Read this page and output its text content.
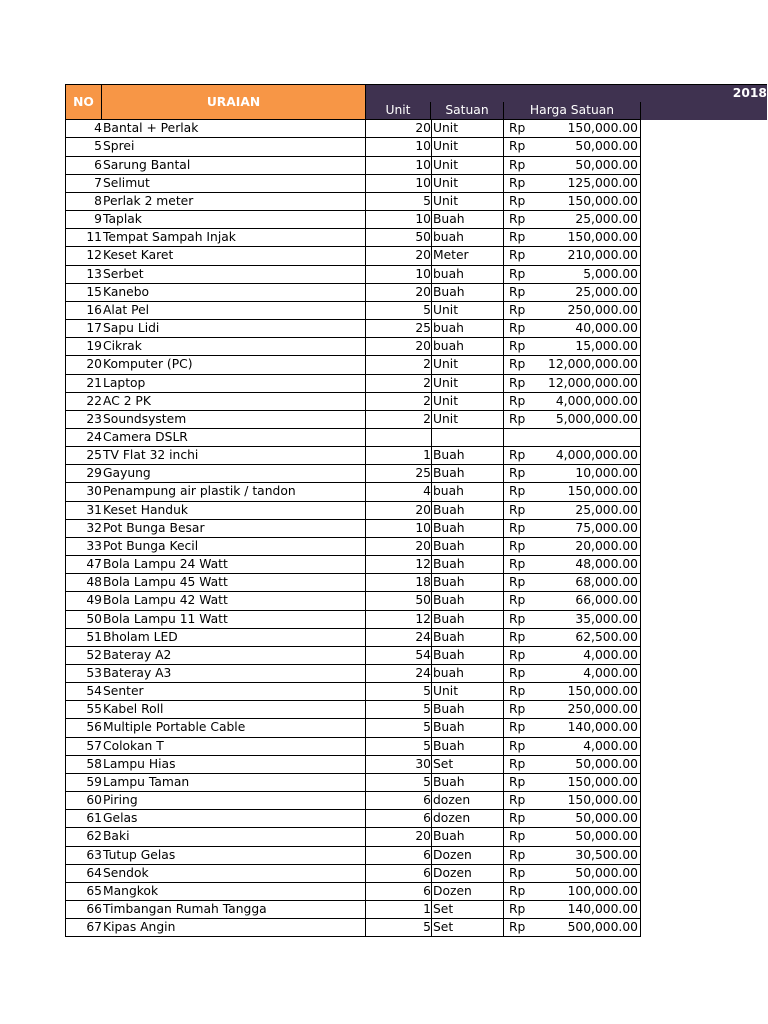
NO	URAIAN
2018
Unit	Satuan	Harga Satuan
4 Bantal + Perlak	20 Unit	Rp	150,000.00
5 Sprei	10 Unit	Rp	50,000.00
6 Sarung Bantal	10 Unit	Rp	50,000.00
7 Selimut	10 Unit	Rp	125,000.00
8 Perlak 2 meter	5 Unit	Rp	150,000.00
9 Taplak	10 Buah	Rp	25,000.00
11 Tempat Sampah Injak	50 buah	Rp	150,000.00
12 Keset Karet	20 Meter	Rp	210,000.00
13 Serbet	10 buah	Rp	5,000.00
15 Kanebo	20 Buah	Rp	25,000.00
16 Alat Pel	5 Unit	Rp	250,000.00
17 Sapu Lidi	25 buah	Rp	40,000.00
19 Cikrak	20 buah	Rp	15,000.00
20 Komputer (PC)	2 Unit	Rp	12,000,000.00
21 Laptop	2 Unit	Rp	12,000,000.00
22 AC 2 PK	2 Unit	Rp	4,000,000.00
23 Soundsystem	2 Unit	Rp	5,000,000.00
24 Camera DSLR
25 TV Flat 32 inchi	1 Buah	Rp	4,000,000.00
29 Gayung	25 Buah	Rp	10,000.00
30 Penampung air plastik / tandon	4 buah	Rp	150,000.00
31 Keset Handuk	20 Buah	Rp	25,000.00
32 Pot Bunga Besar	10 Buah	Rp	75,000.00
33 Pot Bunga Kecil	20 Buah	Rp	20,000.00
47 Bola Lampu 24 Watt	12 Buah	Rp	48,000.00
48 Bola Lampu 45 Watt	18 Buah	Rp	68,000.00
49 Bola Lampu 42 Watt	50 Buah	Rp	66,000.00
50 Bola Lampu 11 Watt	12 Buah	Rp	35,000.00
51 Bholam LED	24 Buah	Rp	62,500.00
52 Bateray A2	54 Buah	Rp	4,000.00
53 Bateray A3	24 buah	Rp	4,000.00
54 Senter	5 Unit	Rp	150,000.00
55 Kabel Roll	5 Buah	Rp	250,000.00
56 Multiple Portable Cable	5 Buah	Rp	140,000.00
57 Colokan T	5 Buah	Rp	4,000.00
58 Lampu Hias	30 Set	Rp	50,000.00
59 Lampu Taman	5 Buah	Rp	150,000.00
60 Piring	6 dozen	Rp	150,000.00
61 Gelas	6 dozen	Rp	50,000.00
62 Baki	20 Buah	Rp	50,000.00
63 Tutup Gelas	6 Dozen	Rp	30,500.00
64 Sendok	6 Dozen	Rp	50,000.00
65 Mangkok	6 Dozen	Rp	100,000.00
66 Timbangan Rumah Tangga	1 Set	Rp	140,000.00
67 Kipas Angin	5 Set	Rp	500,000.00
